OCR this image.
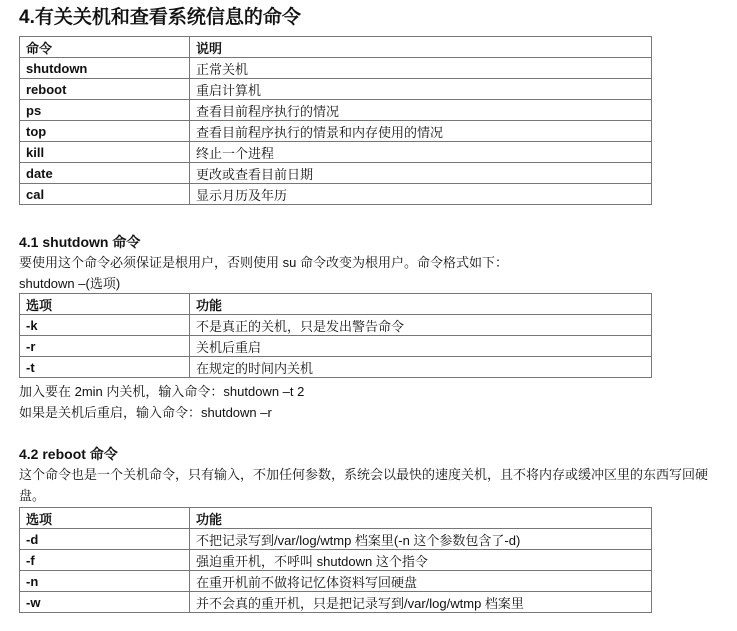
4.有关关机和查看系统信息的命令
命令	说明
shutdown	正常关机
reboot	重启计算机
ps	查看目前程序执行的情况
top	查看目前程序执行的情景和内存使用的情况
kill	终止一个进程
date	更改或查看目前日期
cal	显示月历及年历
4.1 shutdown 命令

要使用这个命令必须保证是根用户，否则使用 su 命令改变为根用户。命令格式如下：

shutdown –(选项)

选项	功能
-k	不是真正的关机，只是发出警告命令
-r	关机后重启
-t	在规定的时间内关机

加入要在 2min 内关机，输入命令：shutdown –t 2

如果是关机后重启，输入命令：shutdown –r

4.2 reboot 命令

这个命令也是一个关机命令，只有输入，不加任何参数，系统会以最快的速度关机，且不将内存或缓冲区里的东西写回硬盘。

选项	功能
-d	不把记录写到/var/log/wtmp 档案里(-n 这个参数包含了-d)
-f	强迫重开机，不呼叫 shutdown 这个指令
-n	在重开机前不做将记忆体资料写回硬盘
-w	并不会真的重开机，只是把记录写到/var/log/wtmp 档案里
